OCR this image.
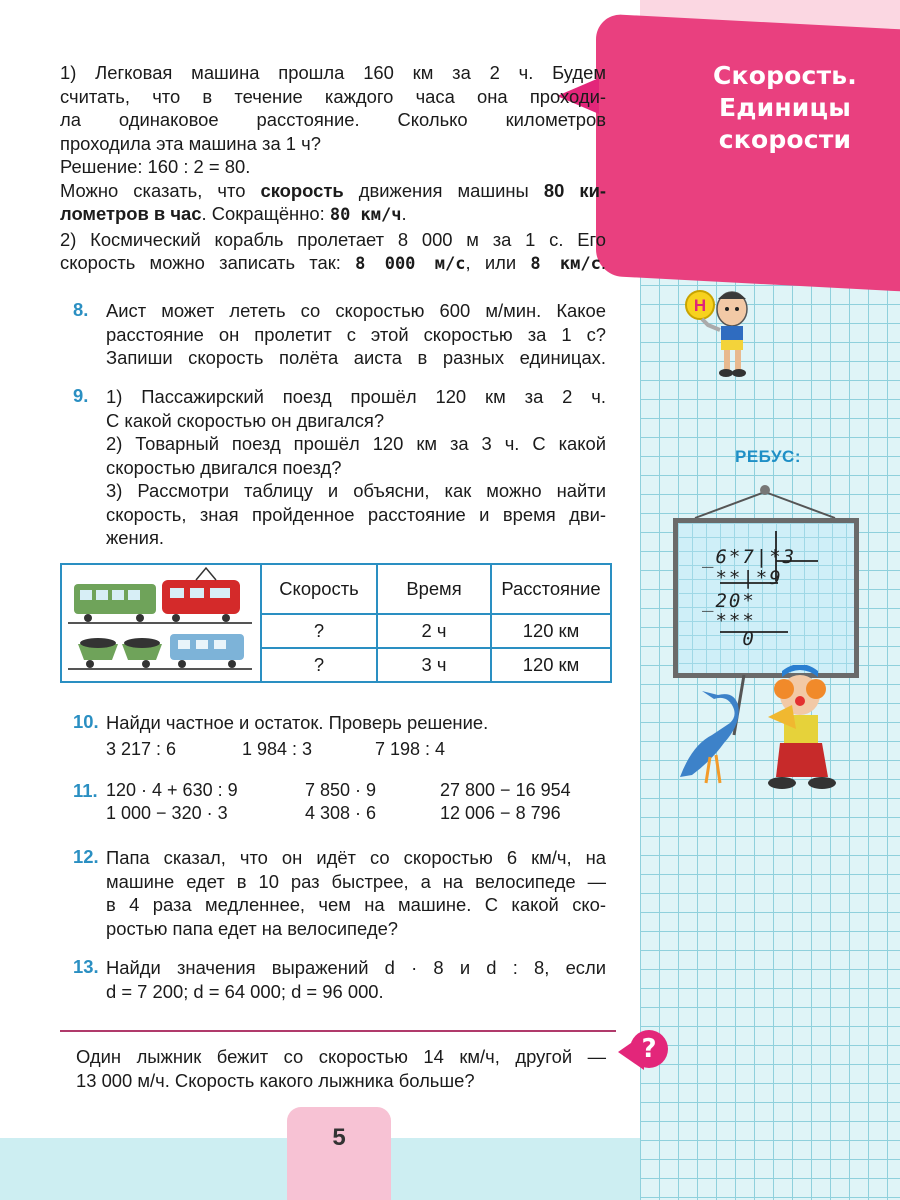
Скорость.
Единицы
скорости
Н
РЕБУС:
_6*7|*3
**|*9
_20*
***
0
1) Легковая машина прошла 160 км за 2 ч. Будем
считать, что в течение каждого часа она проходи-
ла одинаковое расстояние. Сколько километров
проходила эта машина за 1 ч?
Решение: 160 : 2 = 80.
Можно сказать, что скорость движения машины 80 ки-
лометров в час. Сокращённо: 80 км/ч.
2) Космический корабль пролетает 8 000 м за 1 с. Его
скорость можно записать так: 8 000 м/с, или 8 км/с.
8. Аист может лететь со скоростью 600 м/мин. Какое
расстояние он пролетит с этой скоростью за 1 с?
Запиши скорость полёта аиста в разных единицах.
9. 1) Пассажирский поезд прошёл 120 км за 2 ч.
С какой скоростью он двигался?
2) Товарный поезд прошёл 120 км за 3 ч. С какой
скоростью двигался поезд?
3) Рассмотри таблицу и объясни, как можно найти
скорость, зная пройденное расстояние и время дви-
жения.
	Скорость	Время	Расстояние
	?	2 ч	120 км
	?	3 ч	120 км
10. Найди частное и остаток. Проверь решение.
3 217 : 6	1 984 : 3	7 198 : 4
11. 120 · 4 + 630 : 9	7 850 · 9	27 800 − 16 954
1 000 − 320 · 3	4 308 · 6	12 006 − 8 796
12. Папа сказал, что он идёт со скоростью 6 км/ч, на
машине едет в 10 раз быстрее, а на велосипеде —
в 4 раза медленнее, чем на машине. С какой ско-
ростью папа едет на велосипеде?
13. Найди значения выражений d · 8 и d : 8, если
d = 7 200; d = 64 000; d = 96 000.
?
Один лыжник бежит со скоростью 14 км/ч, другой —
13 000 м/ч. Скорость какого лыжника больше?
5
